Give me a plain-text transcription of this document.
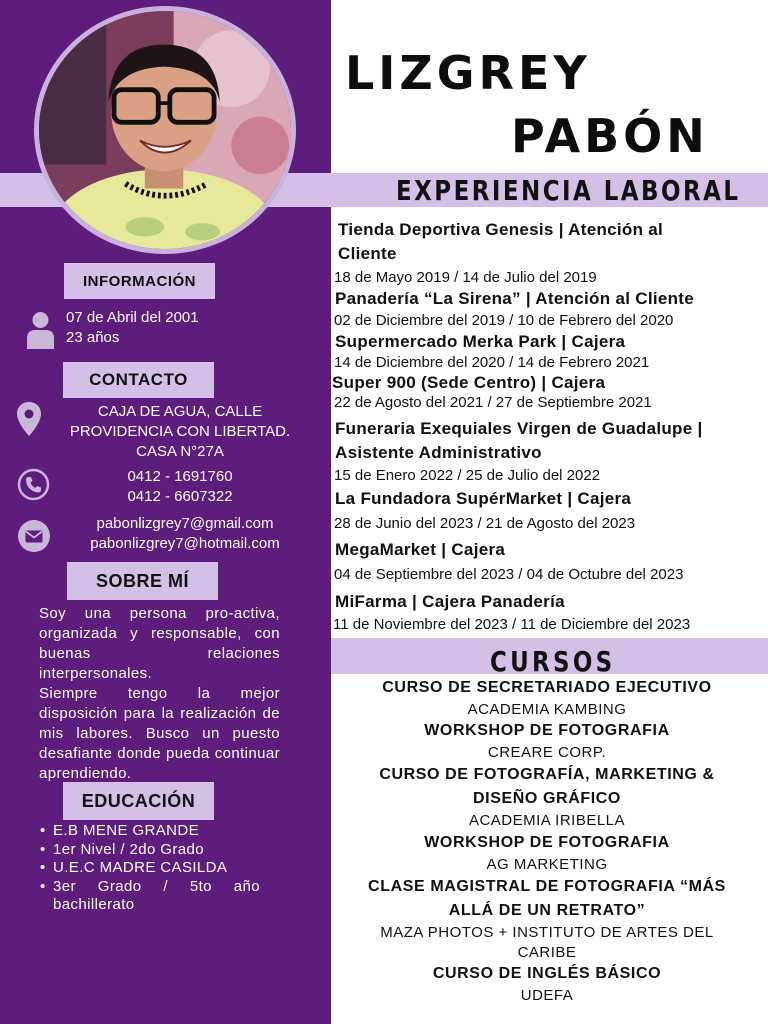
LIZGREY
PABÓN
EXPERIENCIA LABORAL
CURSOS
INFORMACIÓN
CONTACTO
SOBRE MÍ
EDUCACIÓN
07 de Abril del 2001
23 años
CAJA DE AGUA, CALLE
PROVIDENCIA CON LIBERTAD.
CASA N°27A
0412 - 1691760
0412 - 6607322
pabonlizgrey7@gmail.com
pabonlizgrey7@hotmail.com

Soy una persona pro-activa, organizada y responsable, con buenas relaciones interpersonales.

Siempre tengo la mejor disposición para la realización de mis labores. Busco un puesto desafiante donde pueda continuar aprendiendo.

• E.B MENE GRANDE
• 1er Nivel / 2do Grado
• U.E.C MADRE CASILDA
• 3er Grado / 5to año bachillerato
Tienda Deportiva Genesis | Atención al
Cliente
18 de Mayo 2019 / 14 de Julio del 2019
Panadería “La Sirena” | Atención al Cliente
02 de Diciembre del 2019 / 10 de Febrero del 2020
Supermercado Merka Park | Cajera
14 de Diciembre del 2020 / 14 de Febrero 2021
Super 900 (Sede Centro) | Cajera
22 de Agosto del 2021 / 27 de Septiembre 2021
Funeraria Exequiales Virgen de Guadalupe |
Asistente Administrativo
15 de Enero 2022 / 25 de Julio del 2022
La Fundadora SupérMarket | Cajera
28 de Junio del 2023 / 21 de Agosto del 2023
MegaMarket | Cajera
04 de Septiembre del 2023 / 04 de Octubre del 2023
MiFarma | Cajera Panadería
11 de Noviembre del 2023 / 11 de Diciembre del 2023
CURSO DE SECRETARIADO EJECUTIVO
ACADEMIA KAMBING
WORKSHOP DE FOTOGRAFIA
CREARE CORP.
CURSO DE FOTOGRAFÍA, MARKETING &
DISEÑO GRÁFICO
ACADEMIA IRIBELLA
WORKSHOP DE FOTOGRAFIA
AG MARKETING
CLASE MAGISTRAL DE FOTOGRAFIA “MÁS
ALLÁ DE UN RETRATO”
MAZA PHOTOS + INSTITUTO DE ARTES DEL
CARIBE
CURSO DE INGLÉS BÁSICO
UDEFA
